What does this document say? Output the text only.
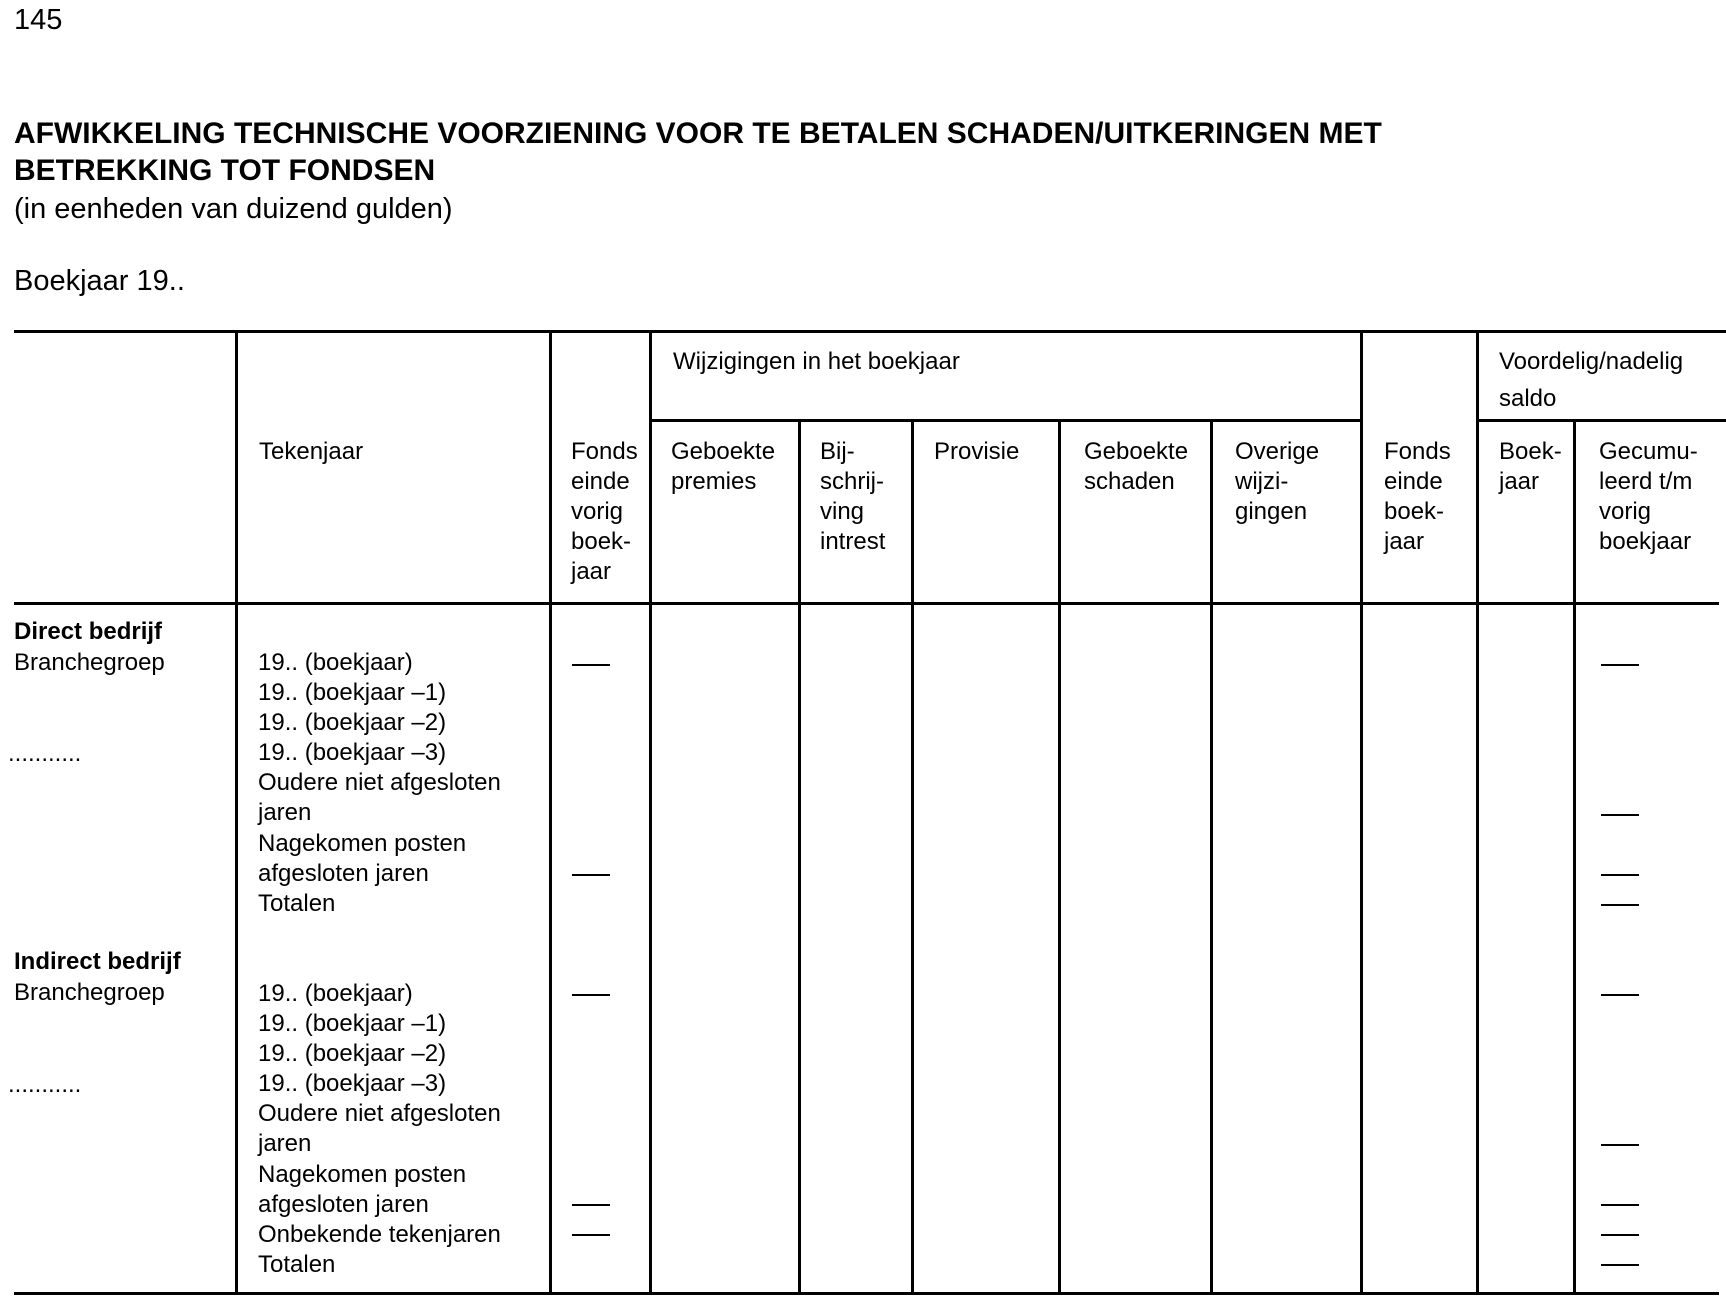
145
AFWIKKELING TECHNISCHE VOORZIENING VOOR TE BETALEN SCHADEN/UITKERINGEN MET
BETREKKING TOT FONDSEN
(in eenheden van duizend gulden)
Boekjaar 19..
Tekenjaar	Fonds
einde
vorig
boek-
jaar
Wijzigingen in het boekjaar
Geboekte
premies
Bij-
schrij-
ving
intrest
Provisie	Geboekte
schaden
Overige
wijzi-
gingen
Fonds
einde
boek-
jaar
Voordelig/nadelig
saldo
Boek-
jaar
Gecumu-
leerd t/m
vorig
boekjaar
Direct bedrijf
Branchegroep
...........
19.. (boekjaar)
19.. (boekjaar –1)
19.. (boekjaar –2)
19.. (boekjaar –3)
Oudere niet afgesloten
jaren
Nagekomen posten
afgesloten jaren
Totalen
Indirect bedrijf
Branchegroep
...........
19.. (boekjaar)
19.. (boekjaar –1)
19.. (boekjaar –2)
19.. (boekjaar –3)
Oudere niet afgesloten
jaren
Nagekomen posten
afgesloten jaren
Onbekende tekenjaren
Totalen
